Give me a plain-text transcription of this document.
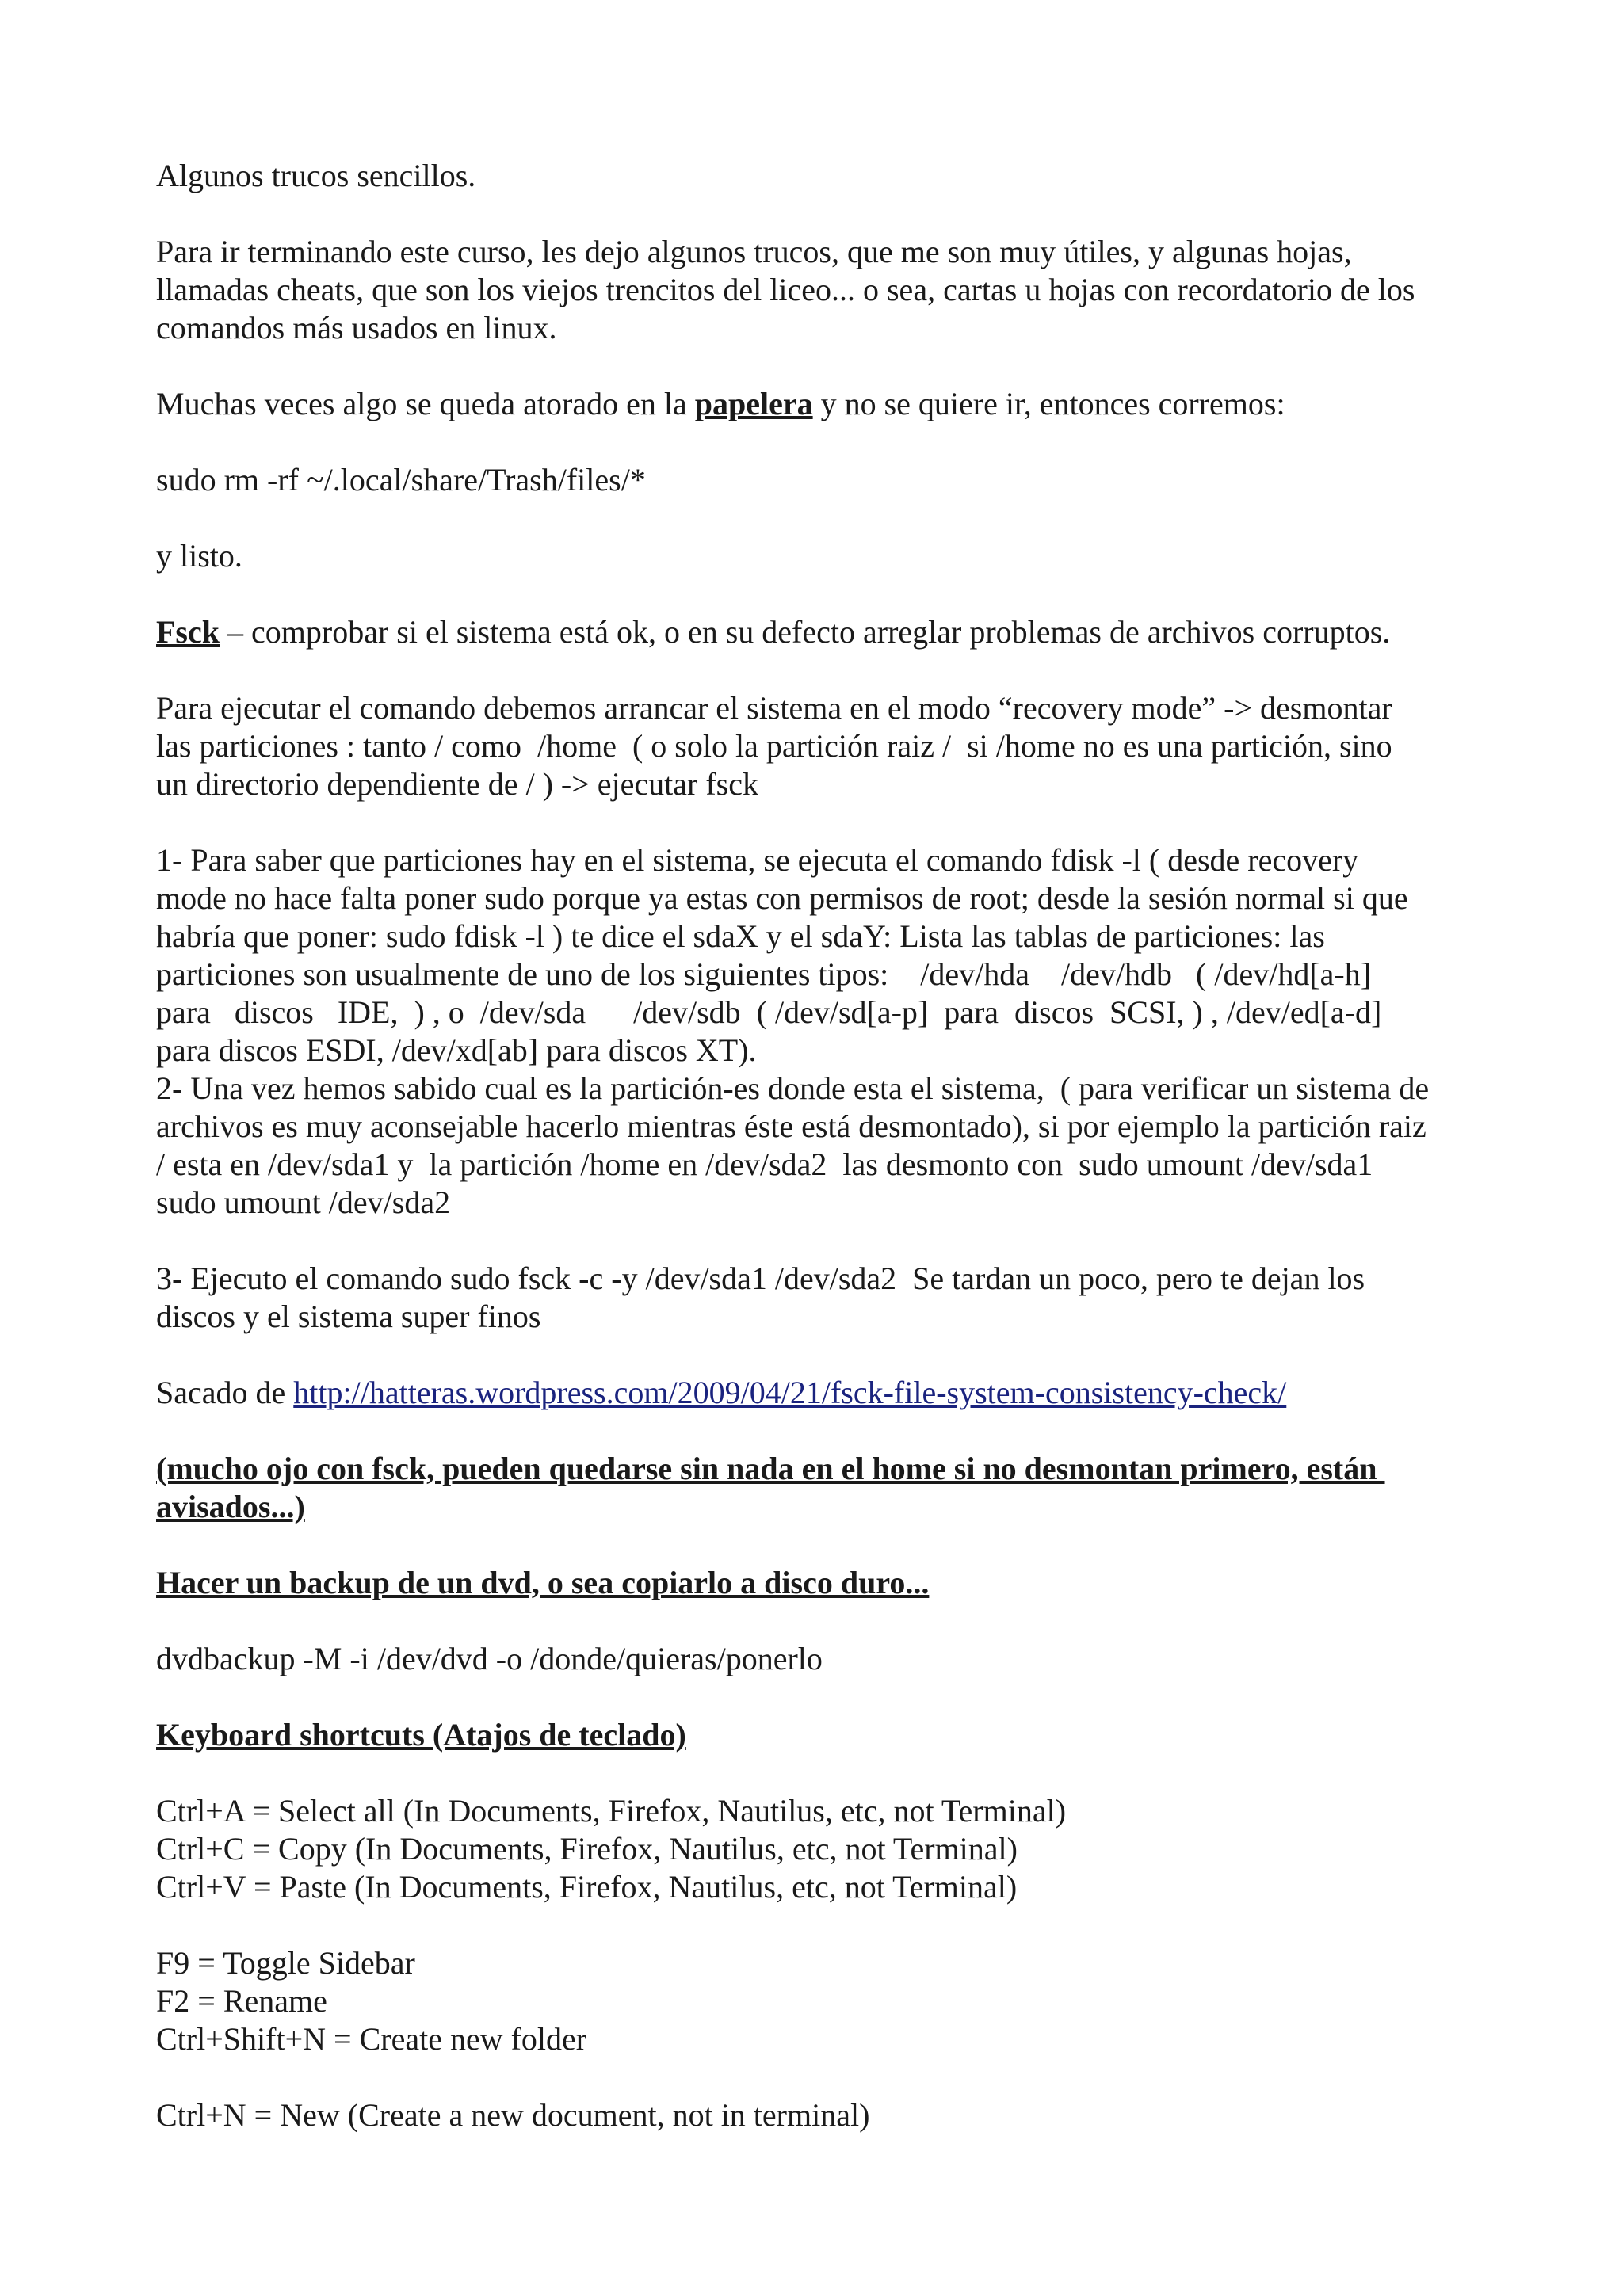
Algunos trucos sencillos.

Para ir terminando este curso, les dejo algunos trucos, que me son muy útiles, y algunas hojas,
llamadas cheats, que son los viejos trencitos del liceo... o sea, cartas u hojas con recordatorio de los
comandos más usados en linux.

Muchas veces algo se queda atorado en la papelera y no se quiere ir, entonces corremos:

sudo rm -rf ~/.local/share/Trash/files/*

y listo.

Fsck – comprobar si el sistema está ok, o en su defecto arreglar problemas de archivos corruptos.

Para ejecutar el comando debemos arrancar el sistema en el modo “recovery mode” -> desmontar
las particiones : tanto / como  /home  ( o solo la partición raiz /  si /home no es una partición, sino
un directorio dependiente de / ) -> ejecutar fsck

1- Para saber que particiones hay en el sistema, se ejecuta el comando fdisk -l ( desde recovery
mode no hace falta poner sudo porque ya estas con permisos de root; desde la sesión normal si que
habría que poner: sudo fdisk -l ) te dice el sdaX y el sdaY: Lista las tablas de particiones: las
particiones son usualmente de uno de los siguientes tipos:    /dev/hda    /dev/hdb   ( /dev/hd[a-h]
para   discos   IDE,  ) , o  /dev/sda      /dev/sdb  ( /dev/sd[a-p]  para  discos  SCSI, ) , /dev/ed[a-d]
para discos ESDI, /dev/xd[ab] para discos XT).
2- Una vez hemos sabido cual es la partición-es donde esta el sistema,  ( para verificar un sistema de
archivos es muy aconsejable hacerlo mientras éste está desmontado), si por ejemplo la partición raiz
/ esta en /dev/sda1 y  la partición /home en /dev/sda2  las desmonto con  sudo umount /dev/sda1
sudo umount /dev/sda2

3- Ejecuto el comando sudo fsck -c -y /dev/sda1 /dev/sda2  Se tardan un poco, pero te dejan los
discos y el sistema super finos

Sacado de http://hatteras.wordpress.com/2009/04/21/fsck-file-system-consistency-check/

(mucho ojo con fsck, pueden quedarse sin nada en el home si no desmontan primero, están
avisados...)

Hacer un backup de un dvd, o sea copiarlo a disco duro...

dvdbackup -M -i /dev/dvd -o /donde/quieras/ponerlo

Keyboard shortcuts (Atajos de teclado)

Ctrl+A = Select all (In Documents, Firefox, Nautilus, etc, not Terminal)
Ctrl+C = Copy (In Documents, Firefox, Nautilus, etc, not Terminal)
Ctrl+V = Paste (In Documents, Firefox, Nautilus, etc, not Terminal)

F9 = Toggle Sidebar
F2 = Rename
Ctrl+Shift+N = Create new folder

Ctrl+N = New (Create a new document, not in terminal)
